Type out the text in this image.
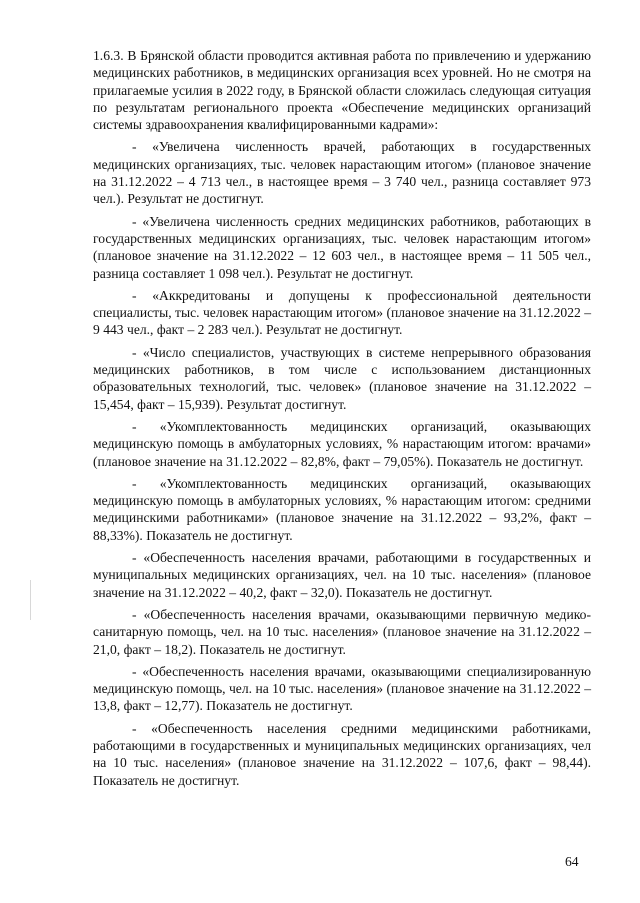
1.6.3. В Брянской области проводится активная работа по привлечению и удержанию медицинских работников, в медицинских организация всех уровней. Но не смотря на прилагаемые усилия в 2022 году, в Брянской области сложилась следующая ситуация по результатам регионального проекта «Обеспечение медицинских организаций системы здравоохранения квалифицированными кадрами»:

- «Увеличена численность врачей, работающих в государственных медицинских организациях, тыс. человек нарастающим итогом» (плановое значение на 31.12.2022 – 4 713 чел., в настоящее время – 3 740 чел., разница составляет 973 чел.). Результат не достигнут.

- «Увеличена численность средних медицинских работников, работающих в государственных медицинских организациях, тыс. человек нарастающим итогом» (плановое значение на 31.12.2022 – 12 603 чел., в настоящее время – 11 505 чел., разница составляет 1 098 чел.). Результат не достигнут.

- «Аккредитованы и допущены к профессиональной деятельности специалисты, тыс. человек нарастающим итогом» (плановое значение на 31.12.2022 – 9 443 чел., факт – 2 283 чел.). Результат не достигнут.

- «Число специалистов, участвующих в системе непрерывного образования медицинских работников, в том числе с использованием дистанционных образовательных технологий, тыс. человек» (плановое значение на 31.12.2022 – 15,454, факт – 15,939). Результат достигнут.

- «Укомплектованность медицинских организаций, оказывающих медицинскую помощь в амбулаторных условиях, % нарастающим итогом: врачами» (плановое значение на 31.12.2022 – 82,8%, факт – 79,05%). Показатель не достигнут.

- «Укомплектованность медицинских организаций, оказывающих медицинскую помощь в амбулаторных условиях, % нарастающим итогом: средними медицинскими работниками» (плановое значение на 31.12.2022 – 93,2%, факт – 88,33%). Показатель не достигнут.

- «Обеспеченность населения врачами, работающими в государственных и муниципальных медицинских организациях, чел. на 10 тыс. населения» (плановое значение на 31.12.2022 – 40,2, факт – 32,0). Показатель не достигнут.

- «Обеспеченность населения врачами, оказывающими первичную медико-санитарную помощь, чел. на 10 тыс. населения» (плановое значение на 31.12.2022 – 21,0, факт – 18,2). Показатель не достигнут.

- «Обеспеченность населения врачами, оказывающими специализированную медицинскую помощь, чел. на 10 тыс. населения» (плановое значение на 31.12.2022 – 13,8, факт – 12,77). Показатель не достигнут.

- «Обеспеченность населения средними медицинскими работниками, работающими в государственных и муниципальных медицинских организациях, чел на 10 тыс. населения» (плановое значение на 31.12.2022 – 107,6, факт – 98,44). Показатель не достигнут.

64
